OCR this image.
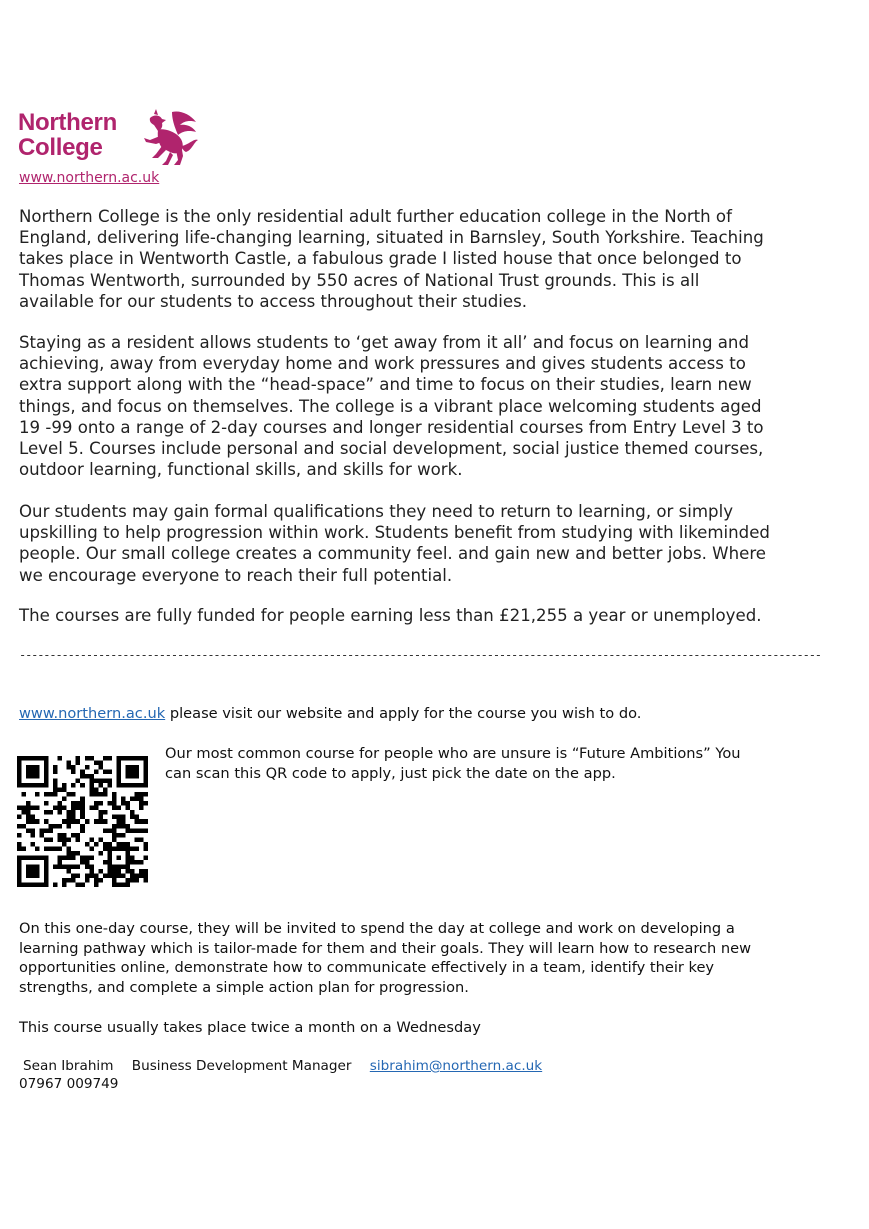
Northern
College
www.northern.ac.uk

Northern College is the only residential adult further education college in the North of England, delivering life-changing learning, situated in Barnsley, South Yorkshire. Teaching takes place in Wentworth Castle, a fabulous grade I listed house that once belonged to Thomas Wentworth, surrounded by 550 acres of National Trust grounds. This is all available for our students to access throughout their studies.

Staying as a resident allows students to ‘get away from it all’ and focus on learning and achieving, away from everyday home and work pressures and gives students access to extra support along with the “head-space” and time to focus on their studies, learn new things, and focus on themselves. The college is a vibrant place welcoming students aged 19 -99 onto a range of 2-day courses and longer residential courses from Entry Level 3 to Level 5. Courses include personal and social development, social justice themed courses, outdoor learning, functional skills, and skills for work.

Our students may gain formal qualifications they need to return to learning, or simply upskilling to help progression within work. Students benefit from studying with likeminded people. Our small college creates a community feel. and gain new and better jobs. Where we encourage everyone to reach their full potential.

The courses are fully funded for people earning less than £21,255 a year or unemployed.

------------------------------------------------------------------------------------------------------------------------------------
www.northern.ac.uk please visit our website and apply for the course you wish to do.

Our most common course for people who are unsure is “Future Ambitions” You can scan this QR code to apply, just pick the date on the app.

On this one-day course, they will be invited to spend the day at college and work on developing a learning pathway which is tailor-made for them and their goals. They will learn how to research new opportunities online, demonstrate how to communicate effectively in a team, identify their key strengths, and complete a simple action plan for progression.

This course usually takes place twice a month on a Wednesday

Sean Ibrahim Business Development Manager sibrahim@northern.ac.uk
07967 009749
